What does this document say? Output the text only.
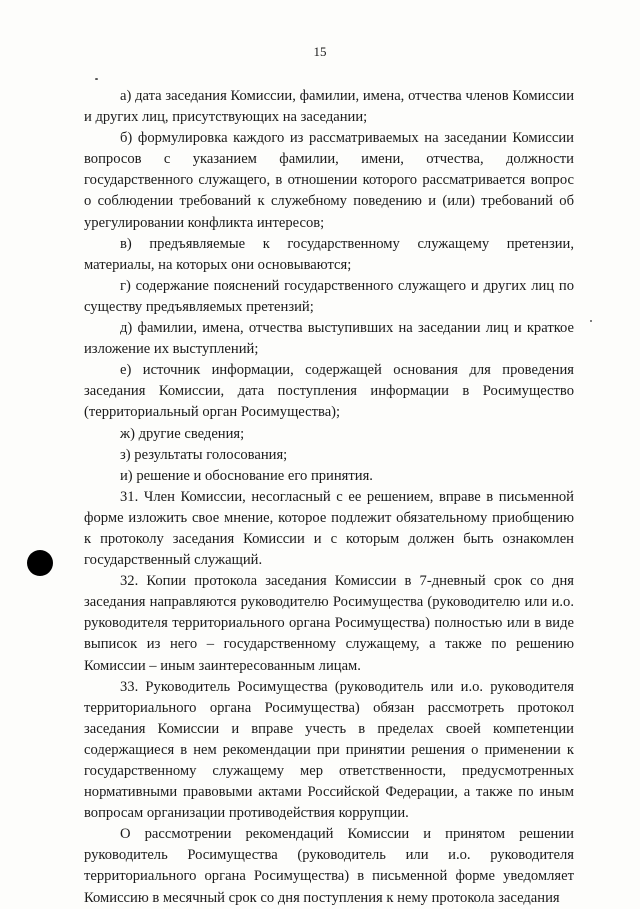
15

а) дата заседания Комиссии, фамилии, имена, отчества членов Комиссии и других лиц, присутствующих на заседании;

б) формулировка каждого из рассматриваемых на заседании Комиссии вопросов с указанием фамилии, имени, отчества, должности государственного служащего, в отношении которого рассматривается вопрос о соблюдении требований к служебному поведению и (или) требований об урегулировании конфликта интересов;

в) предъявляемые к государственному служащему претензии, материалы, на которых они основываются;

г) содержание пояснений государственного служащего и других лиц по существу предъявляемых претензий;

д) фамилии, имена, отчества выступивших на заседании лиц и краткое изложение их выступлений;

е) источник информации, содержащей основания для проведения заседания Комиссии, дата поступления информации в Росимущество (территориальный орган Росимущества);

ж) другие сведения;

з) результаты голосования;

и) решение и обоснование его принятия.

31. Член Комиссии, несогласный с ее решением, вправе в письменной форме изложить свое мнение, которое подлежит обязательному приобщению к протоколу заседания Комиссии и с которым должен быть ознакомлен государственный служащий.

32. Копии протокола заседания Комиссии в 7-дневный срок со дня заседания направляются руководителю Росимущества (руководителю или и.о. руководителя территориального органа Росимущества) полностью или в виде выписок из него – государственному служащему, а также по решению Комиссии – иным заинтересованным лицам.

33. Руководитель Росимущества (руководитель или и.о. руководителя территориального органа Росимущества) обязан рассмотреть протокол заседания Комиссии и вправе учесть в пределах своей компетенции содержащиеся в нем рекомендации при принятии решения о применении к государственному служащему мер ответственности, предусмотренных нормативными правовыми актами Российской Федерации, а также по иным вопросам организации противодействия коррупции.

О рассмотрении рекомендаций Комиссии и принятом решении руководитель Росимущества (руководитель или и.о. руководителя территориального органа Росимущества) в письменной форме уведомляет Комиссию в месячный срок со дня поступления к нему протокола заседания
